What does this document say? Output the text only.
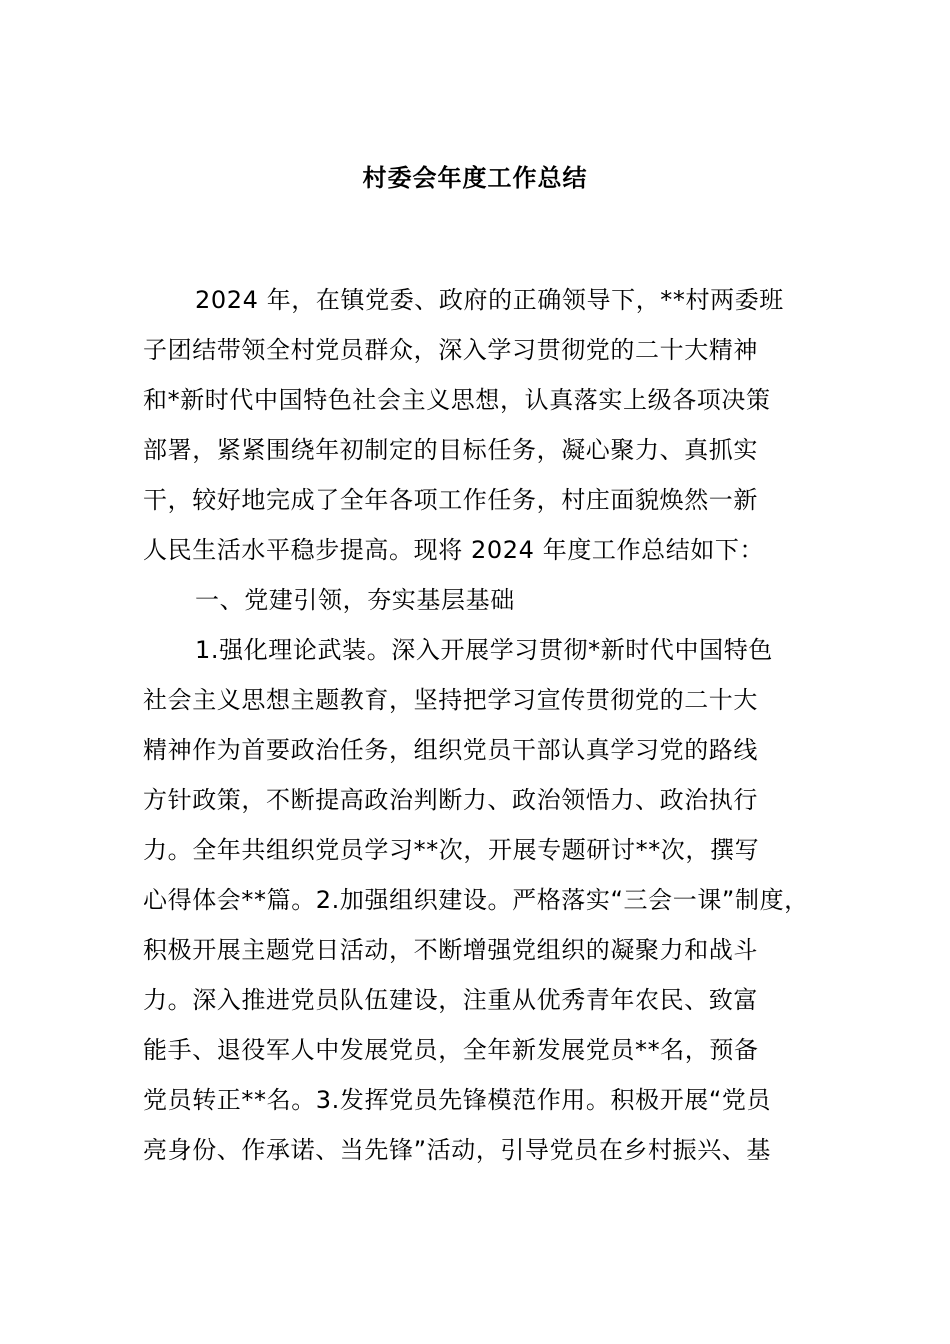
村委会年度工作总结
2024 年，在镇党委、政府的正确领导下，**村两委班
子团结带领全村党员群众，深入学习贯彻党的二十大精神
和*新时代中国特色社会主义思想，认真落实上级各项决策
部署，紧紧围绕年初制定的目标任务，凝心聚力、真抓实
干，较好地完成了全年各项工作任务，村庄面貌焕然一新
人民生活水平稳步提高。现将 2024 年度工作总结如下：
一、党建引领，夯实基层基础
1.强化理论武装。深入开展学习贯彻*新时代中国特色
社会主义思想主题教育，坚持把学习宣传贯彻党的二十大
精神作为首要政治任务，组织党员干部认真学习党的路线
方针政策，不断提高政治判断力、政治领悟力、政治执行
力。全年共组织党员学习**次，开展专题研讨**次，撰写
心得体会**篇。2.加强组织建设。严格落实“三会一课”制度，
积极开展主题党日活动，不断增强党组织的凝聚力和战斗
力。深入推进党员队伍建设，注重从优秀青年农民、致富
能手、退役军人中发展党员，全年新发展党员**名，预备
党员转正**名。3.发挥党员先锋模范作用。积极开展“党员
亮身份、作承诺、当先锋”活动，引导党员在乡村振兴、基
